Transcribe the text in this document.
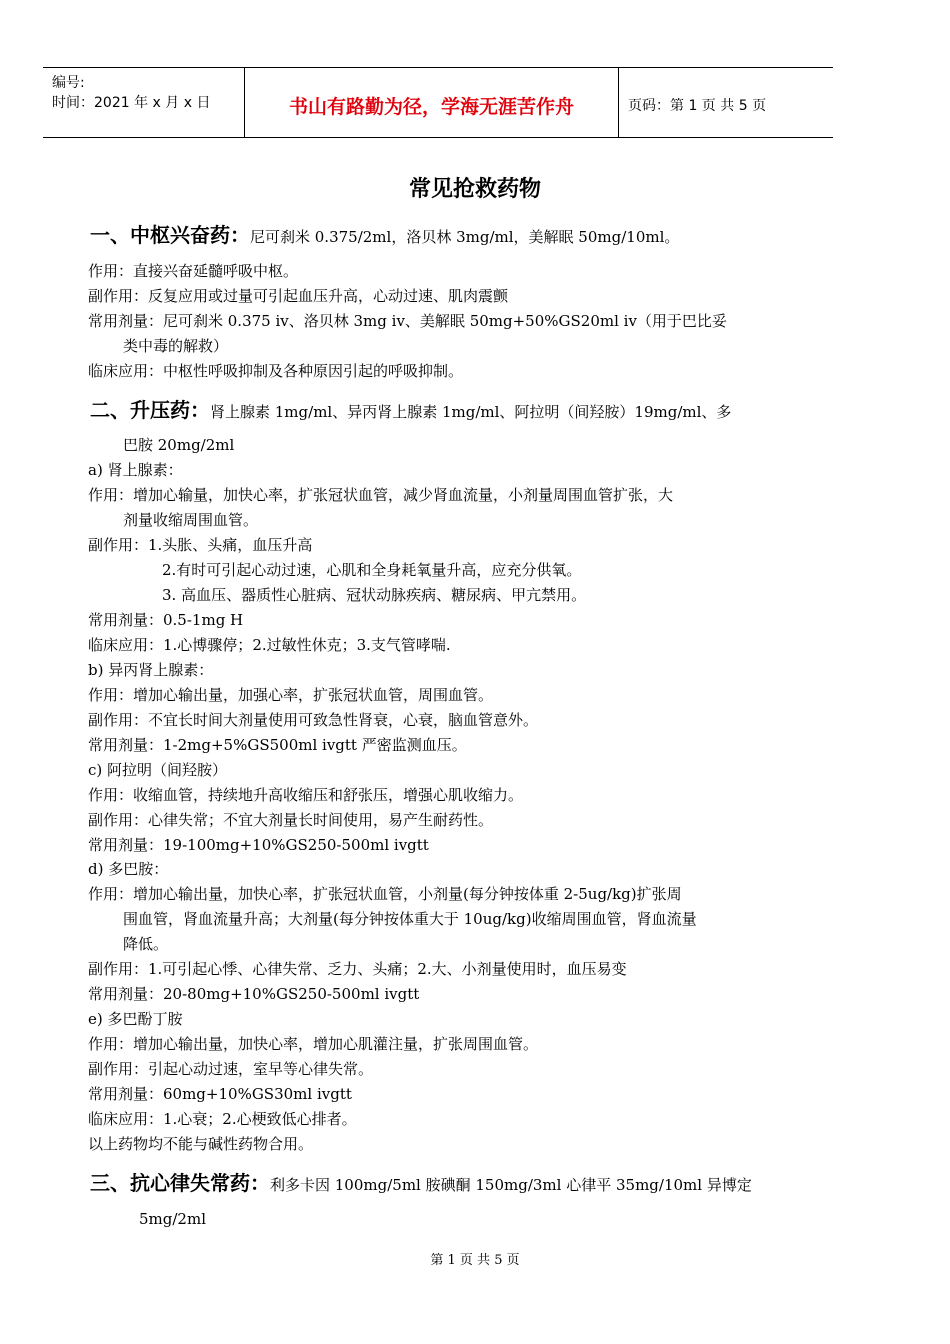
编号:
时间：2021 年 x 月 x 日	书山有路勤为径，学海无涯苦作舟	页码：第 1 页 共 5 页
常见抢救药物
一、中枢兴奋药：尼可刹米 0.375/2ml，洛贝林 3mg/ml，美解眠 50mg/10ml。
作用：直接兴奋延髓呼吸中枢。
副作用：反复应用或过量可引起血压升高，心动过速、肌肉震颤
常用剂量：尼可刹米 0.375 iv、洛贝林 3mg iv、美解眠 50mg+50%GS20ml iv（用于巴比妥
类中毒的解救）
临床应用：中枢性呼吸抑制及各种原因引起的呼吸抑制。
二、升压药：肾上腺素 1mg/ml、异丙肾上腺素 1mg/ml、阿拉明（间羟胺）19mg/ml、多
巴胺 20mg/2ml
a) 肾上腺素：
作用：增加心输量，加快心率，扩张冠状血管，减少肾血流量，小剂量周围血管扩张，大
剂量收缩周围血管。
副作用：1.头胀、头痛，血压升高
2.有时可引起心动过速，心肌和全身耗氧量升高，应充分供氧。
3. 高血压、器质性心脏病、冠状动脉疾病、糖尿病、甲亢禁用。
常用剂量：0.5-1mg H
临床应用：1.心博骤停；2.过敏性休克；3.支气管哮喘.
b) 异丙肾上腺素：
作用：增加心输出量，加强心率，扩张冠状血管，周围血管。
副作用：不宜长时间大剂量使用可致急性肾衰，心衰，脑血管意外。
常用剂量：1-2mg+5%GS500ml ivgtt 严密监测血压。
c) 阿拉明（间羟胺）
作用：收缩血管，持续地升高收缩压和舒张压，增强心肌收缩力。
副作用：心律失常；不宜大剂量长时间使用，易产生耐药性。
常用剂量：19-100mg+10%GS250-500ml ivgtt
d) 多巴胺：
作用：增加心输出量，加快心率，扩张冠状血管，小剂量(每分钟按体重 2-5ug/kg)扩张周
围血管，肾血流量升高；大剂量(每分钟按体重大于 10ug/kg)收缩周围血管，肾血流量
降低。
副作用：1.可引起心悸、心律失常、乏力、头痛；2.大、小剂量使用时，血压易变
常用剂量：20-80mg+10%GS250-500ml ivgtt
e) 多巴酚丁胺
作用：增加心输出量，加快心率，增加心肌灌注量，扩张周围血管。
副作用：引起心动过速，室早等心律失常。
常用剂量：60mg+10%GS30ml ivgtt
临床应用：1.心衰；2.心梗致低心排者。
以上药物均不能与碱性药物合用。
三、抗心律失常药：利多卡因 100mg/5ml 胺碘酮 150mg/3ml 心律平 35mg/10ml 异博定
5mg/2ml
第 1 页 共 5 页
